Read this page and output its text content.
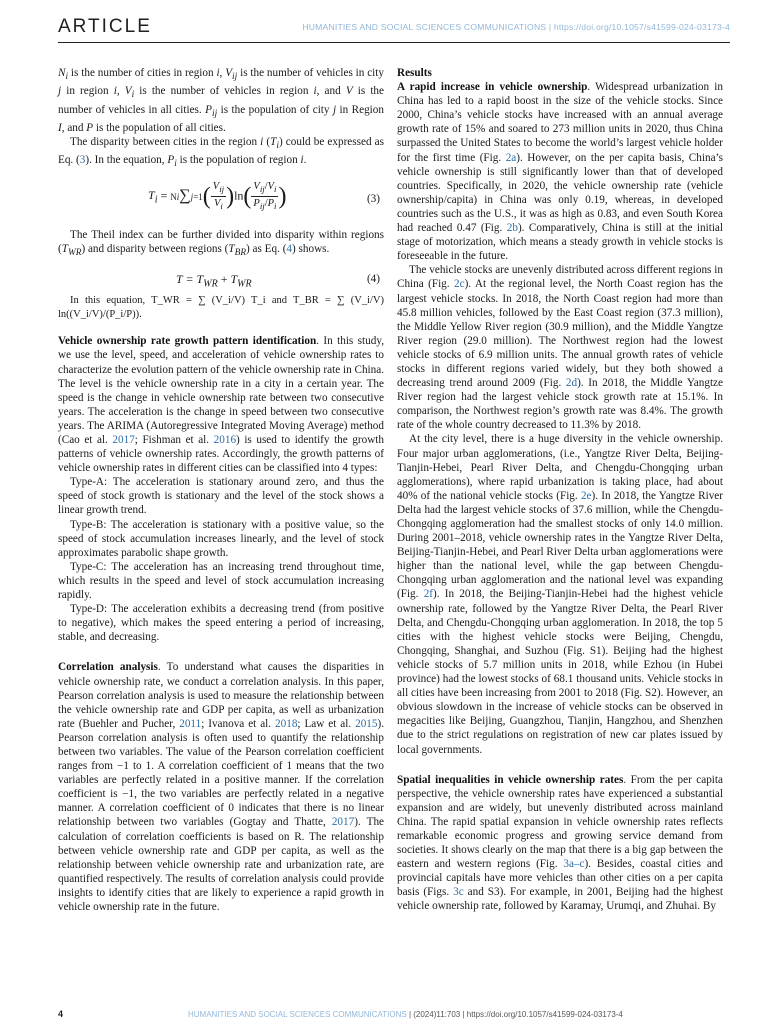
ARTICLE	HUMANITIES AND SOCIAL SCIENCES COMMUNICATIONS | https://doi.org/10.1057/s41599-024-03173-4

$N_i$ is the number of cities in region i, $V_{ij}$ is the number of vehicles in city j in region i, $V_i$ is the number of vehicles in region i, and V is the number of vehicles in all cities. $P_{ij}$ is the population of city j in Region I, and P is the population of all cities.

The disparity between cities in the region i $(T_i)$ could be expressed as Eq. (3). In the equation, $P_i$ is the population of region i.

$T_i = Ni\sum j=1( \frac{V_{ij}}{V_i} )\ln( \frac{V_{ij}/V_i}{P_{ij}/P_i}$ )	(3)

The Theil index can be further divided into disparity within regions $(T_{WR})$ and disparity between regions $(T_{BR})$ as Eq. (4) shows.

$T = T_{WR} + T_{WR}$	(4)

In this equation, T_WR = ∑ (V_i/V) T_i and T_BR = ∑ (V_i/V) ln((V_i/V)/(P_i/P)).

Vehicle ownership rate growth pattern identification. In this study, we use the level, speed, and acceleration of vehicle ownership rates to characterize the evolution pattern of the vehicle ownership rate in China. The level is the vehicle ownership rate in a city in a certain year. The speed is the change in vehicle ownership rate between two consecutive years. The acceleration is the change in speed between two consecutive years. The ARIMA (Autoregressive Integrated Moving Average) method (Cao et al. 2017; Fishman et al. 2016) is used to identify the growth patterns of vehicle ownership rates. Accordingly, the growth patterns of vehicle ownership rates in different cities can be classified into 4 types:

Type-A: The acceleration is stationary around zero, and thus the speed of stock growth is stationary and the level of the stock shows a linear growth trend.

Type-B: The acceleration is stationary with a positive value, so the speed of stock accumulation increases linearly, and the level of stock approximates parabolic shape growth.

Type-C: The acceleration has an increasing trend throughout time, which results in the speed and level of stock accumulation increasing rapidly.

Type-D: The acceleration exhibits a decreasing trend (from positive to negative), which makes the speed entering a period of increasing, stable, and decreasing.

Correlation analysis. To understand what causes the disparities in vehicle ownership rate, we conduct a correlation analysis. In this paper, Pearson correlation analysis is used to measure the relationship between the vehicle ownership rate and GDP per capita, as well as urbanization rate (Buehler and Pucher, 2011; Ivanova et al. 2018; Law et al. 2015). Pearson correlation analysis is often used to quantify the relationship between two variables. The value of the Pearson correlation coefficient ranges from −1 to 1. A correlation coefficient of 1 means that the two variables are perfectly related in a positive manner. If the correlation coefficient is −1, the two variables are perfectly related in a negative manner. A correlation coefficient of 0 indicates that there is no linear relationship between two variables (Gogtay and Thatte, 2017). The calculation of correlation coefficients is based on R. The relationship between vehicle ownership rate and GDP per capita, as well as the relationship between vehicle ownership rate and urbanization rate, are quantified respectively. The results of correlation analysis could provide insights to identify cities that are likely to experience a rapid growth in vehicle ownership rate in the future.

Results

A rapid increase in vehicle ownership. Widespread urbanization in China has led to a rapid boost in the size of the vehicle stocks. Since 2000, China’s vehicle stocks have increased with an annual average growth rate of 15% and soared to 273 million units in 2020, thus China surpassed the United States to become the world’s largest vehicle holder for the first time (Fig. 2a). However, on the per capita basis, China’s vehicle ownership is still significantly lower than that of developed countries. Specifically, in 2020, the vehicle ownership rate (vehicle ownership/capita) in China was only 0.19, whereas, in developed countries such as the U.S., it was as high as 0.83, and even South Korea had reached 0.47 (Fig. 2b). Comparatively, China is still at the initial stage of motorization, which means a steady growth in vehicle stocks is foreseeable in the future.

The vehicle stocks are unevenly distributed across different regions in China (Fig. 2c). At the regional level, the North Coast region has the largest vehicle stocks. In 2018, the North Coast region had more than 45.8 million vehicles, followed by the East Coast region (37.3 million), the Middle Yellow River region (30.9 million), and the Middle Yangtze River region (29.0 million). The Northwest region had the lowest vehicle stocks of 6.9 million units. The annual growth rates of vehicle stocks in different regions varied widely, but they both showed a decreasing trend around 2009 (Fig. 2d). In 2018, the Middle Yangtze River region had the largest vehicle stock growth rate at 15.1%. In comparison, the Northwest region’s growth rate was 8.4%. The growth rate of the whole country decreased to 11.3% by 2018.

At the city level, there is a huge diversity in the vehicle ownership. Four major urban agglomerations, (i.e., Yangtze River Delta, Beijing-Tianjin-Hebei, Pearl River Delta, and Chengdu-Chongqing urban agglomerations), where rapid urbanization is taking place, had about 40% of the national vehicle stocks (Fig. 2e). In 2018, the Yangtze River Delta had the largest vehicle stocks of 37.6 million, while the Chengdu-Chongqing agglomeration had the smallest stocks of only 14.0 million. During 2001–2018, vehicle ownership rates in the Yangtze River Delta, Beijing-Tianjin-Hebei, and Pearl River Delta urban agglomerations were higher than the national level, while the gap between Chengdu-Chongqing urban agglomeration and the national level was expanding (Fig. 2f). In 2018, the Beijing-Tianjin-Hebei had the highest vehicle ownership rate, followed by the Yangtze River Delta, the Pearl River Delta, and Chengdu-Chongqing urban agglomeration. In 2018, the top 5 cities with the highest vehicle stocks were Beijing, Chengdu, Chongqing, Shanghai, and Suzhou (Fig. S1). Beijing had the highest vehicle stocks of 5.7 million units in 2018, while Ezhou (in Hubei province) had the lowest stocks of 68.1 thousand units. Vehicle stocks in all cities have been increasing from 2001 to 2018 (Fig. S2). However, an obvious slowdown in the increase of vehicle stocks can be observed in megacities like Beijing, Guangzhou, Tianjin, Hangzhou, and Shenzhen due to the strict regulations on registration of new car plates issued by local governments.

Spatial inequalities in vehicle ownership rates. From the per capita perspective, the vehicle ownership rates have experienced a substantial expansion and are widely, but unevenly distributed across mainland China. The rapid spatial expansion in vehicle ownership rates reflects remarkable economic progress and growing service demand from societies. It shows clearly on the map that there is a big gap between the eastern and western regions (Fig. 3a–c). Besides, coastal cities and provincial capitals have more vehicles than other cities on a per capita basis (Figs. 3c and S3). For example, in 2001, Beijing had the highest vehicle ownership rate, followed by Karamay, Urumqi, and Zhuhai. By

4	HUMANITIES AND SOCIAL SCIENCES COMMUNICATIONS | (2024)11:703 | https://doi.org/10.1057/s41599-024-03173-4
